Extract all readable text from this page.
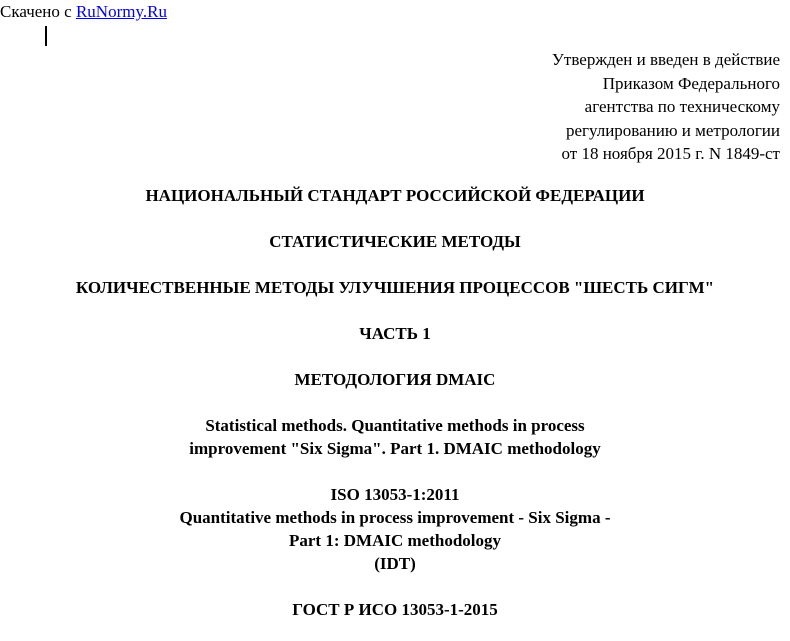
Скачено с RuNormy.Ru
Утвержден и введен в действие
Приказом Федерального
агентства по техническому
регулированию и метрологии
от 18 ноября 2015 г. N 1849-ст
НАЦИОНАЛЬНЫЙ СТАНДАРТ РОССИЙСКОЙ ФЕДЕРАЦИИ
СТАТИСТИЧЕСКИЕ МЕТОДЫ
КОЛИЧЕСТВЕННЫЕ МЕТОДЫ УЛУЧШЕНИЯ ПРОЦЕССОВ "ШЕСТЬ СИГМ"
ЧАСТЬ 1
МЕТОДОЛОГИЯ DMAIC
Statistical methods. Quantitative methods in process
improvement "Six Sigma". Part 1. DMAIC methodology
ISO 13053-1:2011
Quantitative methods in process improvement - Six Sigma -
Part 1: DMAIC methodology
(IDT)
ГОСТ Р ИСО 13053-1-2015
